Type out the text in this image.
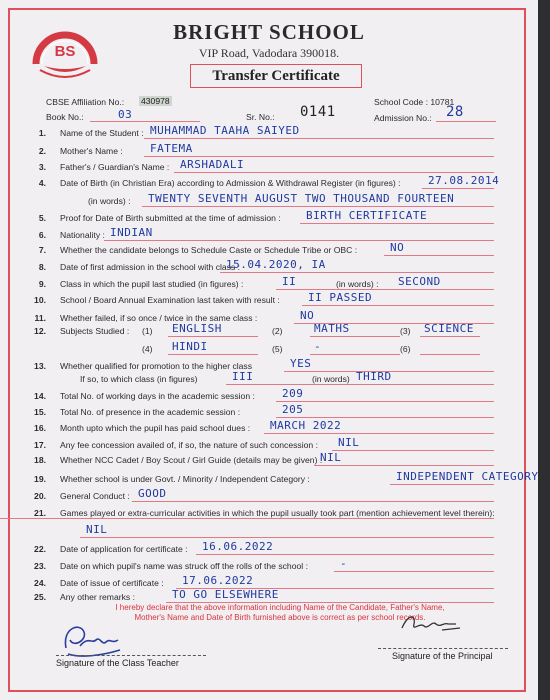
BS
BRIGHT SCHOOL
VIP Road, Vadodara 390018.
Transfer Certificate
CBSE Affiliation No.: 430978	School Code : 10781
Book No.:	03	Sr. No.: 0141	Admission No.: 28
1. Name of the Student : MUHAMMAD TAAHA SAIYED
2. Mother's Name : FATEMA
3. Father's / Guardian's Name : ARSHADALI
4. Date of Birth (in Christian Era) according to Admission & Withdrawal Register (in figures) : 27.08.2014
(in words) : TWENTY SEVENTH AUGUST TWO THOUSAND FOURTEEN
5. Proof for Date of Birth submitted at the time of admission : BIRTH CERTIFICATE
6. Nationality : INDIAN
7. Whether the candidate belongs to Schedule Caste or Schedule Tribe or OBC :	NO
8. Date of first admission in the school with class :
15.04.2020, IA
9. Class in which the pupil last studied (in figures) :	II	(in words) : SECOND
10. School / Board Annual Examination last taken with result :	II PASSED
11. Whether failed, if so once / twice in the same class :	NO
12. Subjects Studied : (1) ENGLISH	(2)	MATHS	(3) SCIENCE
(4) HINDI	(5)	-	(6)
13. Whether qualified for promotion to the higher class	YES
If so, to which class (in figures)	III	(in words) THIRD
14. Total No. of working days in the academic session : 209
15. Total No. of presence in the academic session :	205
16. Month upto which the pupil has paid school dues : MARCH 2022
17. Any fee concession availed of, if so, the nature of such concession : NIL
18. Whether NCC Cadet / Boy Scout / Girl Guide (details may be given) :
NIL
19. Whether school is under Govt. / Minority / Independent Category :	INDEPENDENT CATEGORY
20. General Conduct : GOOD
21. Games played or extra-curricular activities in which the pupil usually took part (mention achievement level therein):
NIL
22. Date of application for certificate : 16.06.2022
23. Date on which pupil's name was struck off the rolls of the school :	-
24. Date of issue of certificate : 17.06.2022
25. Any other remarks :	TO GO ELSEWHERE
I hereby declare that the above information including Name of the Candidate, Father's Name,
Mother's Name and Date of Birth furnished above is correct as per school records.
Signature of the Class Teacher
Signature of the Principal
